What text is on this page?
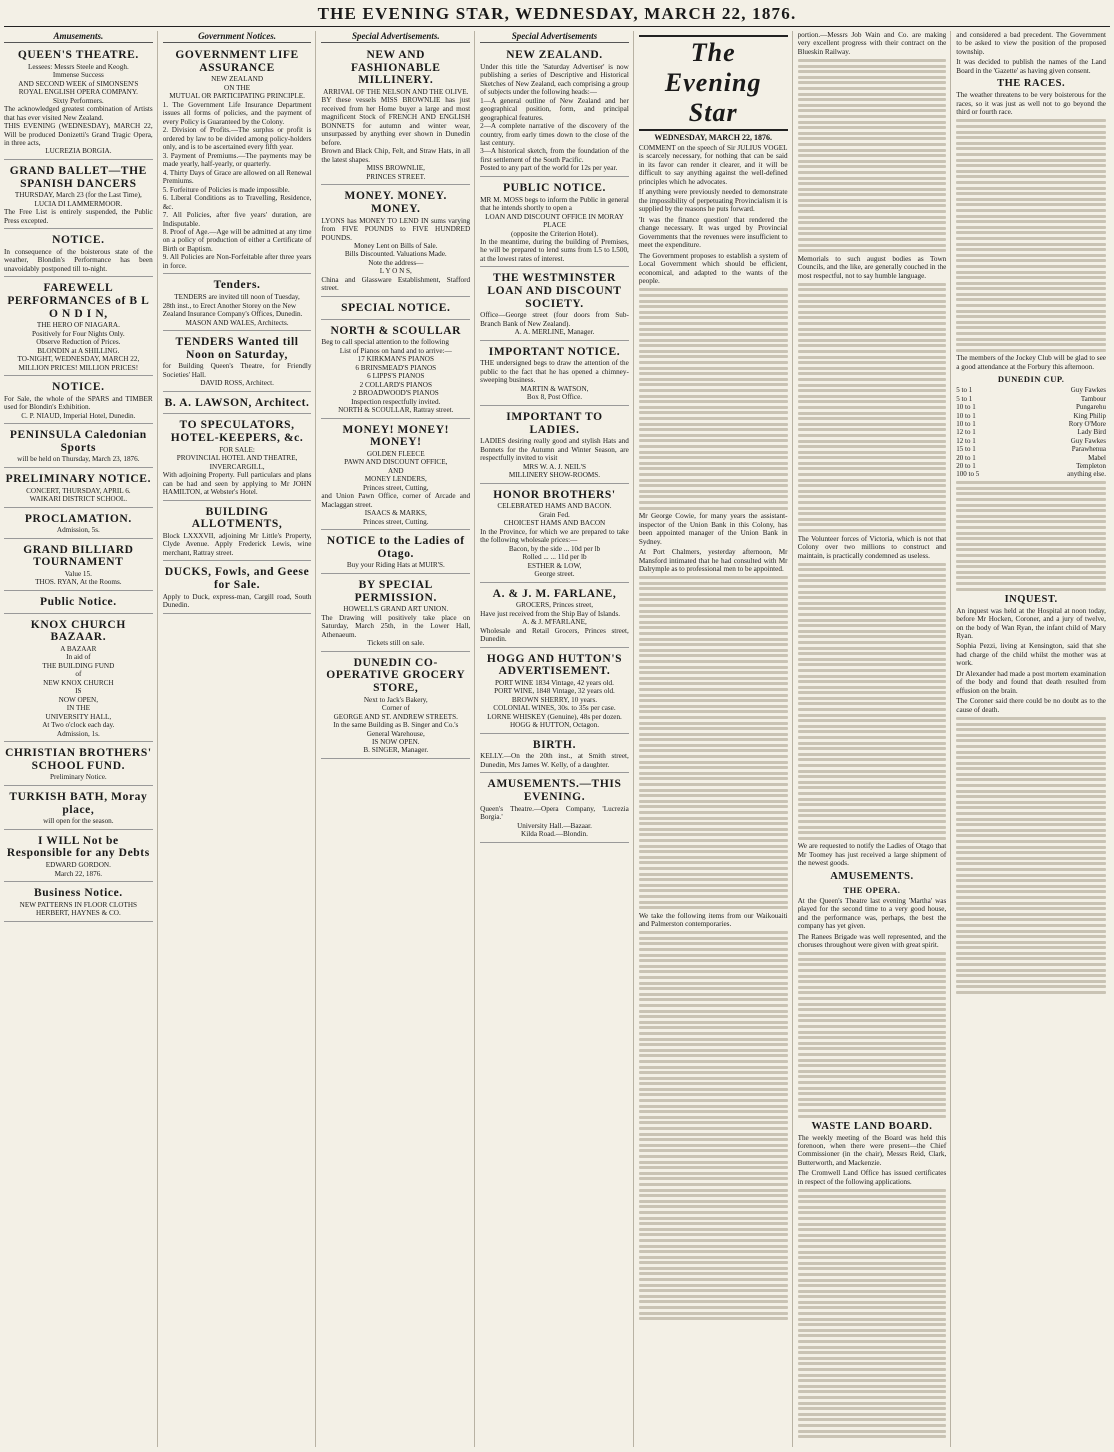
THE EVENING STAR, WEDNESDAY, MARCH 22, 1876.
Amusements.
QUEEN'S THEATRE.

Lessees: Messrs Steele and Keogh.

Immense Success

AND SECOND WEEK of SIMONSEN'S

ROYAL ENGLISH OPERA COMPANY.

Sixty Performers.

The acknowledged greatest combination of Artists that has ever visited New Zealand.

THIS EVENING (WEDNESDAY), MARCH 22, Will be produced Donizetti's Grand Tragic Opera, in three acts,

LUCREZIA BORGIA.

GRAND BALLET—THE SPANISH DANCERS

THURSDAY, March 23 (for the Last Time),

LUCIA DI LAMMERMOOR.

The Free List is entirely suspended, the Public Press excepted.

NOTICE.

In consequence of the boisterous state of the weather, Blondin's Performance has been unavoidably postponed till to-night.

FAREWELL PERFORMANCES of B L O N D I N,

THE HERO OF NIAGARA.

Positively for Four Nights Only.

Observe Reduction of Prices.

BLONDIN at A SHILLING.

TO-NIGHT, WEDNESDAY, MARCH 22,

MILLION PRICES! MILLION PRICES!

NOTICE.

For Sale, the whole of the SPARS and TIMBER used for Blondin's Exhibition.

C. P. NIAUD, Imperial Hotel, Dunedin.

PENINSULA Caledonian Sports

will be held on Thursday, March 23, 1876.

PRELIMINARY NOTICE.

CONCERT, THURSDAY, APRIL 6.

WAIKARI DISTRICT SCHOOL.

PROCLAMATION.

Admission, 5s.

GRAND BILLIARD TOURNAMENT

Value 15.

THOS. RYAN, At the Rooms.

Public Notice.
KNOX CHURCH BAZAAR.

A BAZAAR

In aid of

THE BUILDING FUND

of

NEW KNOX CHURCH

IS

NOW OPEN,

IN THE

UNIVERSITY HALL,

At Two o'clock each day.

Admission, 1s.

CHRISTIAN BROTHERS' SCHOOL FUND.

Preliminary Notice.

TURKISH BATH, Moray place,

will open for the season.

I WILL Not be Responsible for any Debts

EDWARD GORDON.

March 22, 1876.

Business Notice.

NEW PATTERNS IN FLOOR CLOTHS

HERBERT, HAYNES & CO.

Government Notices.
GOVERNMENT LIFE ASSURANCE

NEW ZEALAND

ON THE

MUTUAL OR PARTICIPATING PRINCIPLE.

1. The Government Life Insurance Department issues all forms of policies, and the payment of every Policy is Guaranteed by the Colony.

2. Division of Profits.—The surplus or profit is ordered by law to be divided among policy-holders only, and is to be ascertained every fifth year.

3. Payment of Premiums.—The payments may be made yearly, half-yearly, or quarterly.

4. Thirty Days of Grace are allowed on all Renewal Premiums.

5. Forfeiture of Policies is made impossible.

6. Liberal Conditions as to Travelling, Residence, &c.

7. All Policies, after five years' duration, are Indisputable.

8. Proof of Age.—Age will be admitted at any time on a policy of production of either a Certificate of Birth or Baptism.

9. All Policies are Non-Forfeitable after three years in force.

Tenders.

TENDERS are invited till noon of Tuesday,

28th inst., to Erect Another Storey on the New

Zealand Insurance Company's Offices, Dunedin.

MASON AND WALES, Architects.

TENDERS Wanted till Noon on Saturday,

for Building Queen's Theatre, for Friendly Societies' Hall.

DAVID ROSS, Architect.

B. A. LAWSON, Architect.
TO SPECULATORS, HOTEL-KEEPERS, &c.

FOR SALE:

PROVINCIAL HOTEL AND THEATRE,

INVERCARGILL,

With adjoining Property. Full particulars and plans can be had and seen by applying to Mr JOHN HAMILTON, at Webster's Hotel.

BUILDING ALLOTMENTS,

Block LXXXVII, adjoining Mr Little's Property, Clyde Avenue. Apply Frederick Lewis, wine merchant, Rattray street.

DUCKS, Fowls, and Geese for Sale.

Apply to Duck, express-man, Cargill road, South Dunedin.

Special Advertisements.
NEW AND FASHIONABLE MILLINERY.

ARRIVAL OF THE NELSON AND THE OLIVE.

BY these vessels MISS BROWNLIE has just received from her Home buyer a large and most magnificent Stock of FRENCH AND ENGLISH BONNETS for autumn and winter wear, unsurpassed by anything ever shown in Dunedin before.

Brown and Black Chip, Felt, and Straw Hats, in all the latest shapes.

MISS BROWNLIE,

PRINCES STREET.

MONEY. MONEY. MONEY.

LYONS has MONEY TO LEND IN sums varying from FIVE POUNDS to FIVE HUNDRED POUNDS.

Money Lent on Bills of Sale.

Bills Discounted. Valuations Made.

Note the address—

L Y O N S,

China and Glassware Establishment, Stafford street.

SPECIAL NOTICE.
NORTH & SCOULLAR

Beg to call special attention to the following

List of Pianos on hand and to arrive:—

17 KIRKMAN'S PIANOS

6 BRINSMEAD'S PIANOS

6 LIPPS'S PIANOS

2 COLLARD'S PIANOS

2 BROADWOOD'S PIANOS

Inspection respectfully invited.

NORTH & SCOULLAR, Rattray street.

MONEY! MONEY! MONEY!

GOLDEN FLEECE

PAWN AND DISCOUNT OFFICE,

AND

MONEY LENDERS,

Princes street, Cutting,

and Union Pawn Office, corner of Arcade and Maclaggan street.

ISAACS & MARKS,

Princes street, Cutting.

NOTICE to the Ladies of Otago.

Buy your Riding Hats at MUIR'S.

BY SPECIAL PERMISSION.

HOWELL'S GRAND ART UNION.

The Drawing will positively take place on Saturday, March 25th, in the Lower Hall, Athenaeum.

Tickets still on sale.

DUNEDIN CO-OPERATIVE GROCERY STORE,

Next to Jack's Bakery,

Corner of

GEORGE AND ST. ANDREW STREETS.

In the same Building as B. Singer and Co.'s

General Warehouse,

IS NOW OPEN.

B. SINGER, Manager.

Special Advertisements
NEW ZEALAND.

Under this title the 'Saturday Advertiser' is now publishing a series of Descriptive and Historical Sketches of New Zealand, each comprising a group of subjects under the following heads:—

1—A general outline of New Zealand and her geographical position, form, and principal geographical features.

2—A complete narrative of the discovery of the country, from early times down to the close of the last century.

3—A historical sketch, from the foundation of the first settlement of the South Pacific.

Posted to any part of the world for 12s per year.

PUBLIC NOTICE.

MR M. MOSS begs to inform the Public in general that he intends shortly to open a

LOAN AND DISCOUNT OFFICE IN MORAY PLACE

(opposite the Criterion Hotel).

In the meantime, during the building of Premises, he will be prepared to lend sums from L5 to L500, at the lowest rates of interest.

THE WESTMINSTER LOAN AND DISCOUNT SOCIETY.

Office—George street (four doors from Sub-Branch Bank of New Zealand).

A. A. MERLINE, Manager.

IMPORTANT NOTICE.

THE undersigned begs to draw the attention of the public to the fact that he has opened a chimney-sweeping business.

MARTIN & WATSON,

Box 8, Post Office.

IMPORTANT TO LADIES.

LADIES desiring really good and stylish Hats and Bonnets for the Autumn and Winter Season, are respectfully invited to visit

MRS W. A. J. NEIL'S

MILLINERY SHOW-ROOMS.

HONOR BROTHERS'

CELEBRATED HAMS AND BACON.

Grain Fed.

CHOICEST HAMS AND BACON

In the Province, for which we are prepared to take the following wholesale prices:—

Bacon, by the side ... 10d per lb

Rolled ... ... 11d per lb

ESTHER & LOW,

George street.

A. & J. M. FARLANE,

GROCERS, Princes street,

Have just received from the Ship Bay of Islands.

A. & J. M'FARLANE,

Wholesale and Retail Grocers, Princes street, Dunedin.

HOGG AND HUTTON'S ADVERTISEMENT.

PORT WINE 1834 Vintage, 42 years old.

PORT WINE, 1848 Vintage, 32 years old.

BROWN SHERRY, 10 years.

COLONIAL WINES, 30s. to 35s per case.

LORNE WHISKEY (Genuine), 48s per dozen.

HOGG & HUTTON, Octagon.

BIRTH.

KELLY.—On the 20th inst., at Smith street, Dunedin, Mrs James W. Kelly, of a daughter.

AMUSEMENTS.—THIS EVENING.

Queen's Theatre.—Opera Company, 'Lucrezia Borgia.'

University Hall.—Bazaar.

Kilda Road.—Blondin.

The Evening Star
WEDNESDAY, MARCH 22, 1876.

COMMENT on the speech of Sir JULIUS VOGEL is scarcely necessary, for nothing that can be said in its favor can render it clearer, and it will be difficult to say anything against the well-defined principles which he advocates.

If anything were previously needed to demonstrate the impossibility of perpetuating Provincialism it is supplied by the reasons he puts forward.

'It was the finance question' that rendered the change necessary. It was urged by Provincial Governments that the revenues were insufficient to meet the expenditure.

The Government proposes to establish a system of Local Government which should be efficient, economical, and adapted to the wants of the people.

Mr George Cowie, for many years the assistant-inspector of the Union Bank in this Colony, has been appointed manager of the Union Bank in Sydney.

At Port Chalmers, yesterday afternoon, Mr Mansford intimated that he had consulted with Mr Dalrymple as to professional men to be appointed.

We take the following items from our Waikouaiti and Palmerston contemporaries.

portion.—Messrs Job Wain and Co. are making very excellent progress with their contract on the Blueskin Railway.

Memorials to such august bodies as Town Councils, and the like, are generally couched in the most respectful, not to say humble language.

The Volunteer forces of Victoria, which is not that Colony over two millions to construct and maintain, is practically condemned as useless.

We are requested to notify the Ladies of Otago that Mr Toomey has just received a large shipment of the newest goods.

AMUSEMENTS.
THE OPERA.

At the Queen's Theatre last evening 'Martha' was played for the second time to a very good house, and the performance was, perhaps, the best the company has yet given.

The Ranees Brigade was well represented, and the choruses throughout were given with great spirit.

WASTE LAND BOARD.

The weekly meeting of the Board was held this forenoon, when there were present—the Chief Commissioner (in the chair), Messrs Reid, Clark, Butterworth, and Mackenzie.

The Cromwell Land Office has issued certificates in respect of the following applications.

and considered a bad precedent. The Government to be asked to view the position of the proposed township.

It was decided to publish the names of the Land Board in the 'Gazette' as having given consent.

THE RACES.

The weather threatens to be very boisterous for the races, so it was just as well not to go beyond the third or fourth race.

The members of the Jockey Club will be glad to see a good attendance at the Forbury this afternoon.

DUNEDIN CUP.
5 to 1	Guy Fawkes
5 to 1	Tambour
10 to 1	Pungarehu
10 to 1	King Philip
10 to 1	Rory O'More
12 to 1	Lady Bird
12 to 1	Guy Fawkes
15 to 1	Parawhenua
20 to 1	Mabel
20 to 1	Templeton
100 to 5	anything else.
INQUEST.

An inquest was held at the Hospital at noon today, before Mr Hocken, Coroner, and a jury of twelve, on the body of Wan Ryan, the infant child of Mary Ryan.

Sophia Pezzi, living at Kensington, said that she had charge of the child whilst the mother was at work.

Dr Alexander had made a post mortem examination of the body and found that death resulted from effusion on the brain.

The Coroner said there could be no doubt as to the cause of death.
